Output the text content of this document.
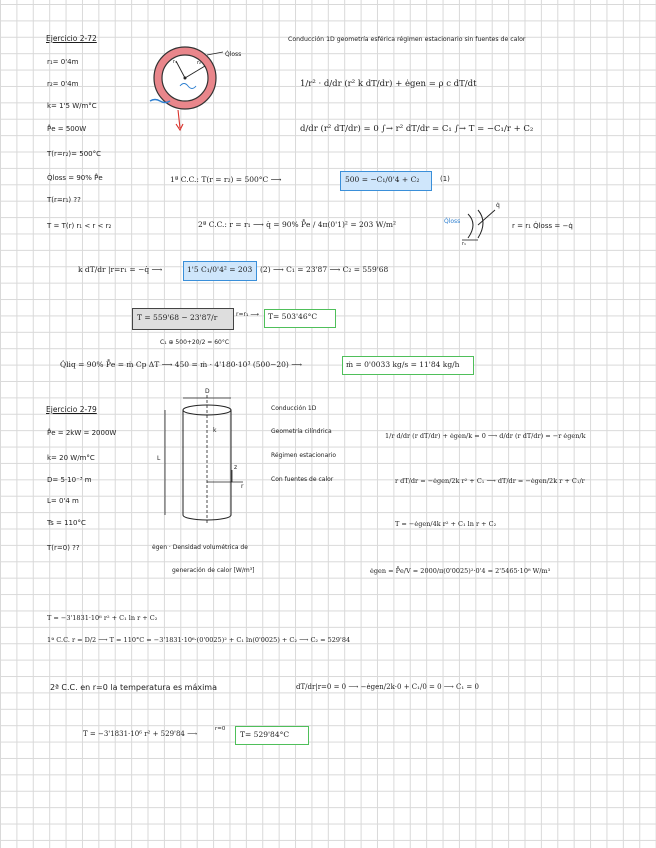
Ejercicio 2-72	Conducción 1D geometría esférica régimen estacionario sin fuentes de calor
r₁= 0'4m
r₂= 0'4m
k= 1'5 W/m°C
P̊e = 500W
T(r=r₂)= 500°C
Q̇loss = 90% P̊e
T(r=r₁) ??
Q̇loss
r₁	r₂
1/r² · d/dr (r² k dT/dr) + ėgen = ρ c dT/dt
d/dr (r² dT/dr) = 0 ∫→ r² dT/dr = C₁ ∫→ T = −C₁/r + C₂
1ª C.C.: T(r = r₂) = 500°C ⟶	500 = −C₁/0'4 + C₂	(1)
T = T(r) r₁ < r < r₂	2ª C.C.: r = r₁ ⟶ q̇ = 90% P̊e / 4π(0'1)² = 203 W/m²	Q̇loss
q̇
r₁
r = r₁ Q̇loss = −q̇
k dT/dr |r=r₁ = −q̇ ⟶	1'5 C₁/0'4² = 203 (2) ⟶ C₁ = 23'87 ⟶ C₂ = 559'68
T = 559'68 − 23'87/r	r=r₁ ⟶ T= 503'46°C
C₁ ⊕ 500+20/2 = 60°C
Q̇liq = 90% P̊e = ṁ Cp ΔT ⟶ 450 = ṁ · 4'180·10³ (500−20) ⟶	ṁ = 0'0033 kg/s = 11'84 kg/h
Ejercicio 2-79
P̊e = 2kW = 2000W
k= 20 W/m°C
D= 5·10⁻³ m
L= 0'4 m
Ts = 110°C
T(r=0) ??
D
L
k
r
z
Conducción 1D
Geometría cilíndrica
Régimen estacionario
Con fuentes de calor
1/r d/dr (r dT/dr) + ėgen/k = 0 ⟶ d/dr (r dT/dr) = −r ėgen/k
r dT/dr = −ėgen/2k r² + C₁ ⟶ dT/dr = −ėgen/2k r + C₁/r
T = −ėgen/4k r² + C₁ ln r + C₂
ėgen · Densidad volumétrica de
generación de calor [W/m³]	ėgen = P̊e/V = 2000/π(0'0025)²·0'4 = 2'5465·10⁸ W/m³
T = −3'1831·10⁶ r² + C₁ ln r + C₂
1ª C.C. r = D/2 ⟶ T = 110°C = −3'1831·10⁶·(0'0025)² + C₁ ln(0'0025) + C₂ ⟶ C₂ = 529'84
2ª C.C. en r=0 la temperatura es máxima	dT/dr|r=0 = 0 ⟶ −ėgen/2k·0 + C₁/0 = 0 ⟶ C₁ = 0
T = −3'1831·10⁶ r² + 529'84 ⟶
r=0
T= 529'84°C
